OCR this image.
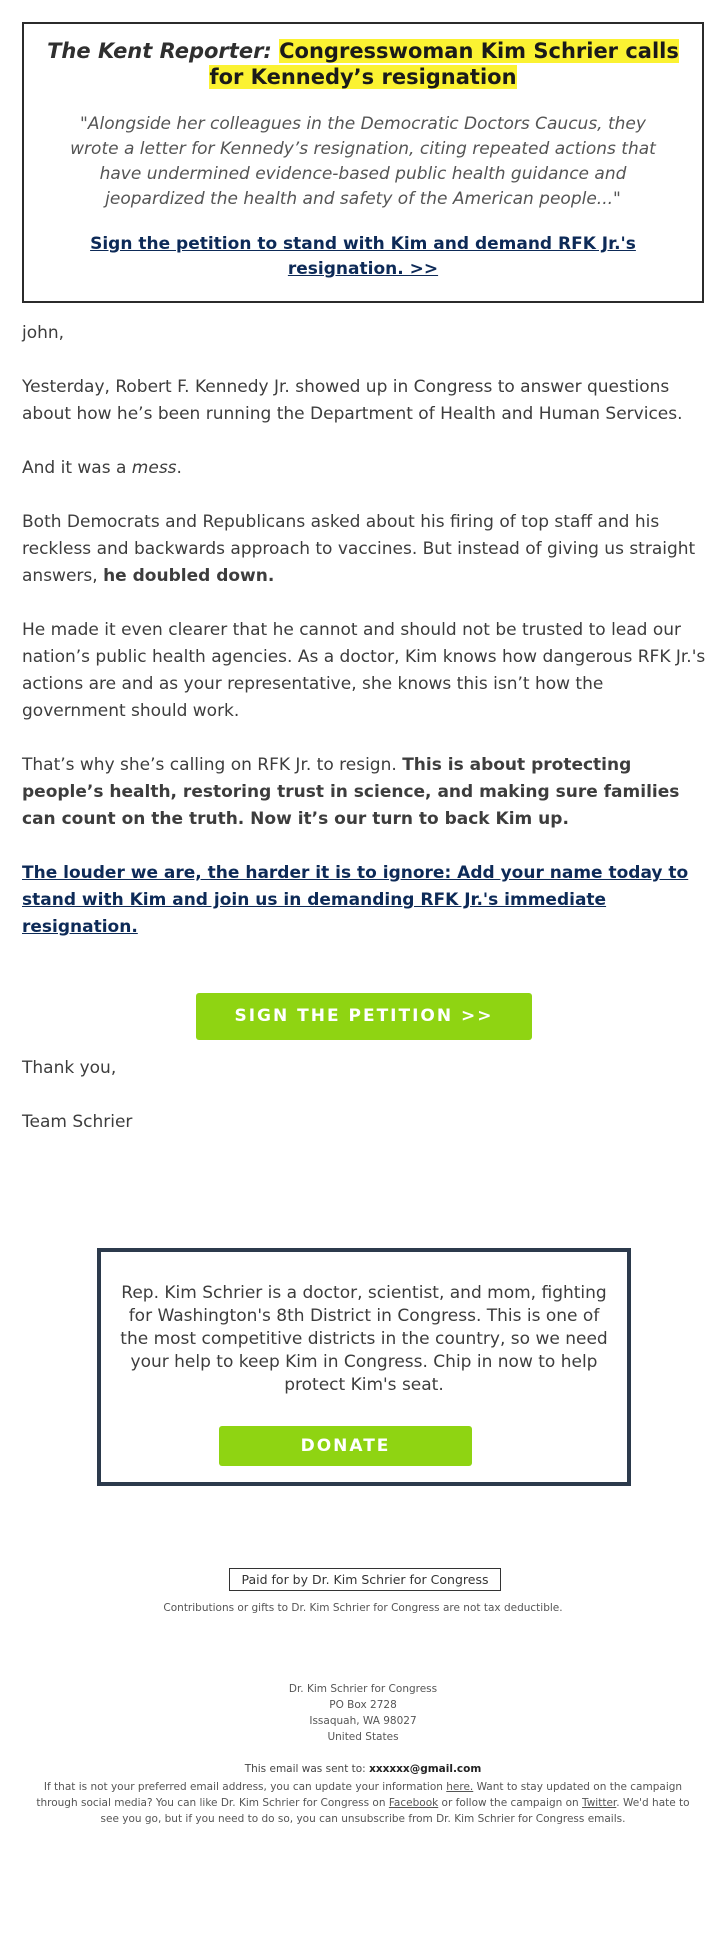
The Kent Reporter: Congresswoman Kim Schrier calls for Kennedy’s resignation
"Alongside her colleagues in the Democratic Doctors Caucus, they wrote a letter for Kennedy’s resignation, citing repeated actions that have undermined evidence-based public health guidance and jeopardized the health and safety of the American people..."
Sign the petition to stand with Kim and demand RFK Jr.'s resignation. >>

john,

Yesterday, Robert F. Kennedy Jr. showed up in Congress to answer questions about how he’s been running the Department of Health and Human Services.

And it was a mess.

Both Democrats and Republicans asked about his firing of top staff and his reckless and backwards approach to vaccines. But instead of giving us straight answers, he doubled down.

He made it even clearer that he cannot and should not be trusted to lead our nation’s public health agencies. As a doctor, Kim knows how dangerous RFK Jr.'s actions are and as your representative, she knows this isn’t how the government should work.

That’s why she’s calling on RFK Jr. to resign. This is about protecting people’s health, restoring trust in science, and making sure families can count on the truth. Now it’s our turn to back Kim up.

The louder we are, the harder it is to ignore: Add your name today to stand with Kim and join us in demanding RFK Jr.'s immediate resignation.

SIGN THE PETITION >>

Thank you,

Team Schrier

Rep. Kim Schrier is a doctor, scientist, and mom, fighting for Washington's 8th District in Congress. This is one of the most competitive districts in the country, so we need your help to keep Kim in Congress. Chip in now to help protect Kim's seat.
DONATE
Paid for by Dr. Kim Schrier for Congress
Contributions or gifts to Dr. Kim Schrier for Congress are not tax deductible.
Dr. Kim Schrier for Congress
PO Box 2728
Issaquah, WA 98027
United States
This email was sent to: xxxxxx@gmail.com
If that is not your preferred email address, you can update your information here. Want to stay updated on the campaign through social media? You can like Dr. Kim Schrier for Congress on Facebook or follow the campaign on Twitter. We'd hate to see you go, but if you need to do so, you can unsubscribe from Dr. Kim Schrier for Congress emails.
